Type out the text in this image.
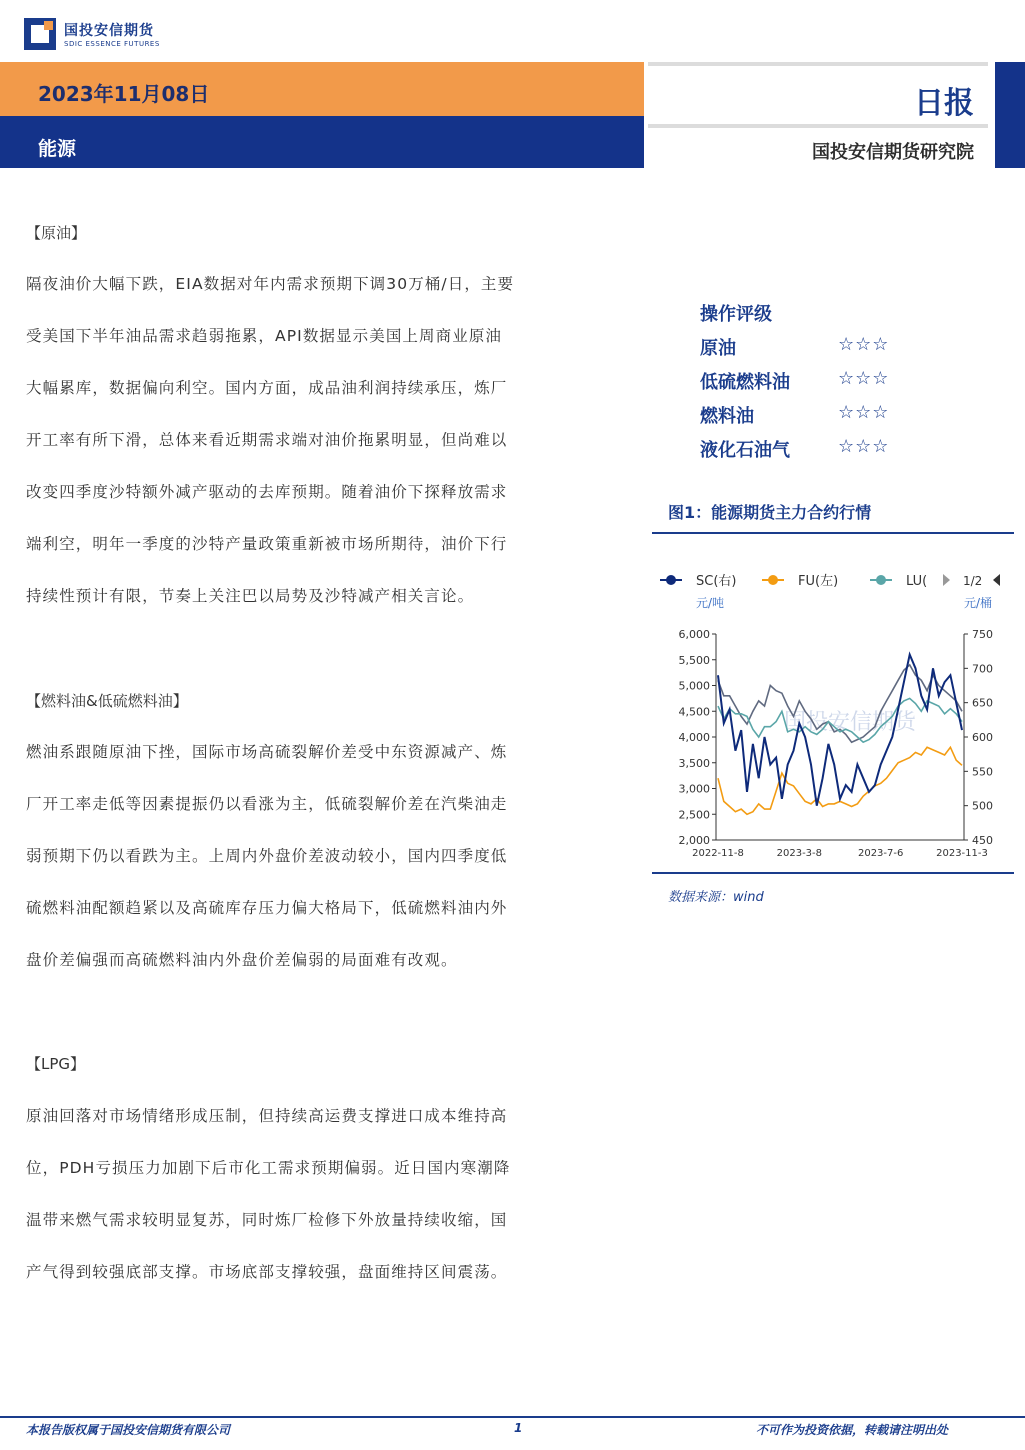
国投安信期货
SDIC ESSENCE FUTURES
2023年11月08日
能源
日报
国投安信期货研究院

【原油】

隔夜油价大幅下跌，EIA数据对年内需求预期下调30万桶/日，主要

受美国下半年油品需求趋弱拖累，API数据显示美国上周商业原油

大幅累库，数据偏向利空。国内方面，成品油利润持续承压，炼厂

开工率有所下滑，总体来看近期需求端对油价拖累明显，但尚难以

改变四季度沙特额外减产驱动的去库预期。随着油价下探释放需求

端利空，明年一季度的沙特产量政策重新被市场所期待，油价下行

持续性预计有限，节奏上关注巴以局势及沙特减产相关言论。

【燃料油&低硫燃料油】

燃油系跟随原油下挫，国际市场高硫裂解价差受中东资源减产、炼

厂开工率走低等因素提振仍以看涨为主，低硫裂解价差在汽柴油走

弱预期下仍以看跌为主。上周内外盘价差波动较小，国内四季度低

硫燃料油配额趋紧以及高硫库存压力偏大格局下，低硫燃料油内外

盘价差偏强而高硫燃料油内外盘价差偏弱的局面难有改观。

【LPG】

原油回落对市场情绪形成压制，但持续高运费支撑进口成本维持高

位，PDH亏损压力加剧下后市化工需求预期偏弱。近日国内寒潮降

温带来燃气需求较明显复苏，同时炼厂检修下外放量持续收缩，国

产气得到较强底部支撑。市场底部支撑较强，盘面维持区间震荡。

操作评级
原油	☆☆☆
低硫燃料油	☆☆☆
燃料油	☆☆☆
液化石油气	☆☆☆
图1：能源期货主力合约行情
SC(右)	FU(左)	LU(	1/2
元/吨	元/桶
国投安信期货
6,000
5,500
5,000
4,500
4,000
3,500
3,000
2,500
2,000
750
700
650
600
550
500
450
2022-11-8	2023-3-8	2023-7-6	2023-11-3
数据来源：wind
本报告版权属于国投安信期货有限公司	1	不可作为投资依据，转载请注明出处
